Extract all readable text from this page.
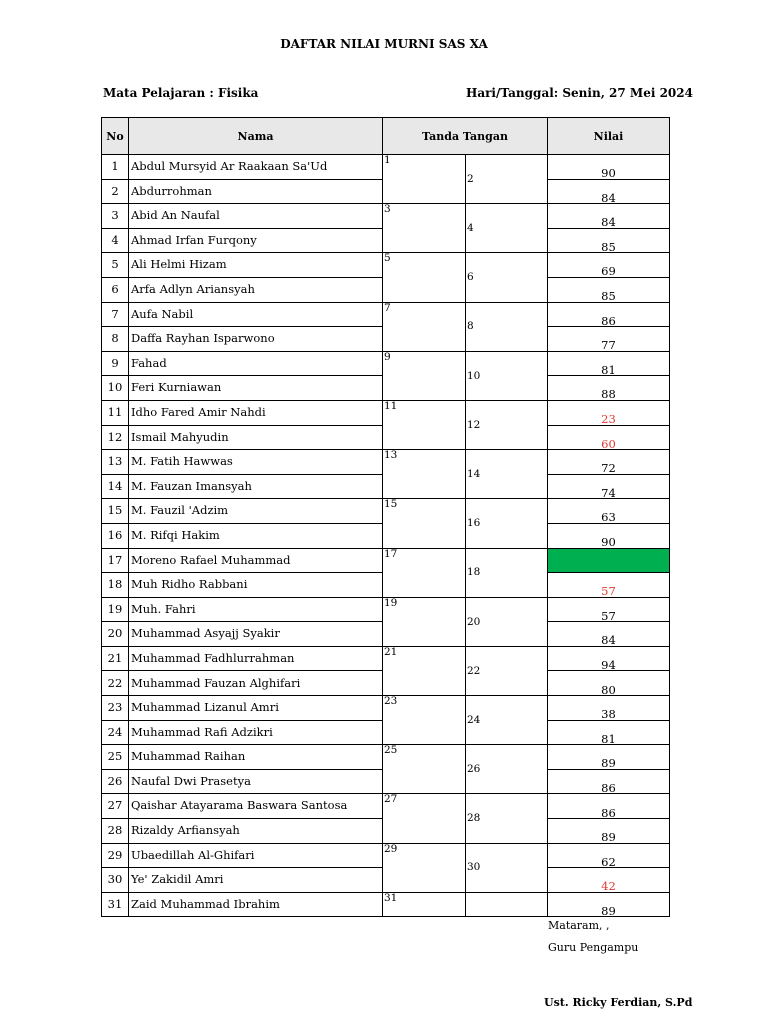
DAFTAR NILAI MURNI SAS XA
Mata Pelajaran : Fisika	Hari/Tanggal: Senin, 27 Mei 2024
No	Nama	Tanda Tangan		Nilai
1	Abdul Mursyid Ar Raakaan Sa'Ud	1	2	90
2	Abdurrohman			84
3	Abid An Naufal	3	4	84
4	Ahmad Irfan Furqony			85
5	Ali Helmi Hizam	5	6	69
6	Arfa Adlyn Ariansyah			85
7	Aufa Nabil	7	8	86
8	Daffa Rayhan Isparwono			77
9	Fahad	9	10	81
10	Feri Kurniawan			88
11	Idho Fared Amir Nahdi	11	12	23
12	Ismail Mahyudin			60
13	M. Fatih Hawwas	13	14	72
14	M. Fauzan Imansyah			74
15	M. Fauzil 'Adzim	15	16	63
16	M. Rifqi Hakim			90
17	Moreno Rafael Muhammad	17	18	
18	Muh Ridho Rabbani			57
19	Muh. Fahri	19	20	57
20	Muhammad Asyajj Syakir			84
21	Muhammad Fadhlurrahman	21	22	94
22	Muhammad Fauzan Alghifari			80
23	Muhammad Lizanul Amri	23	24	38
24	Muhammad Rafi Adzikri			81
25	Muhammad Raihan	25	26	89
26	Naufal Dwi Prasetya			86
27	Qaishar Atayarama Baswara Santosa	27	28	86
28	Rizaldy Arfiansyah			89
29	Ubaedillah Al-Ghifari	29	30	62
30	Ye' Zakidil Amri			42
31	Zaid Muhammad Ibrahim	31		89
Mataram, ,
Guru Pengampu
Ust. Ricky Ferdian, S.Pd
